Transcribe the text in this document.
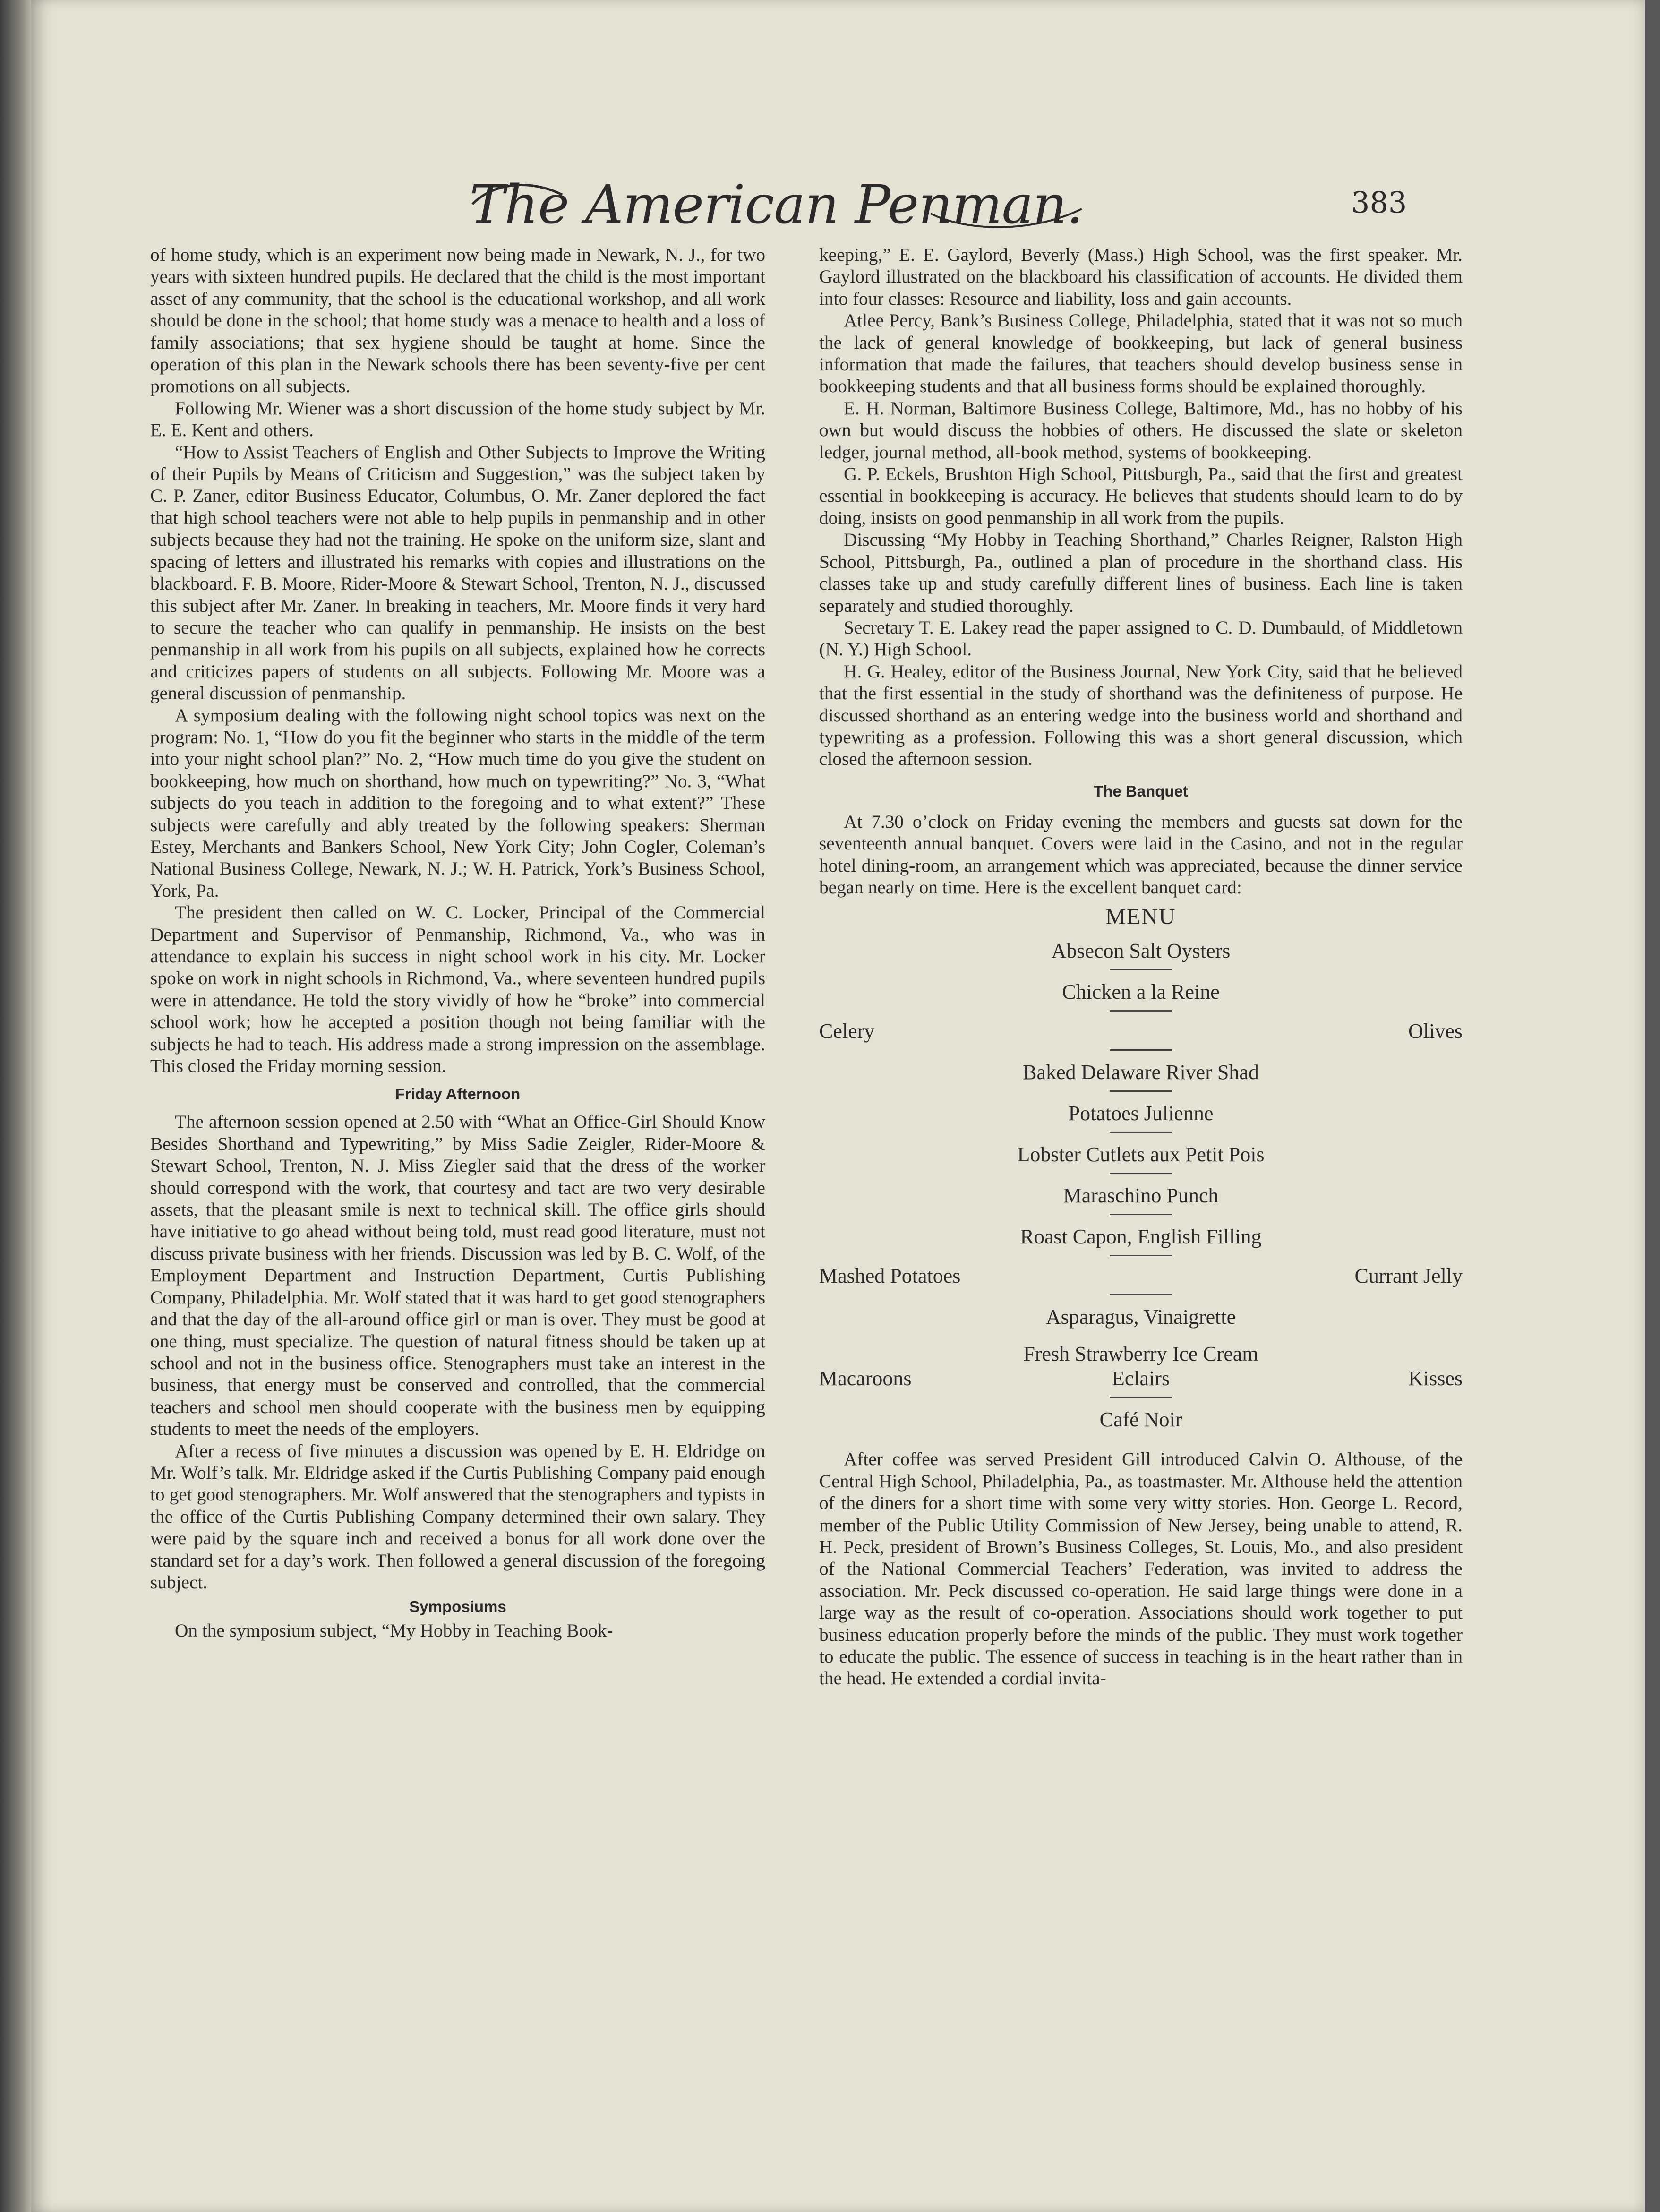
The American Penman.	383

of home study, which is an experiment now being made in Newark, N. J., for two years with sixteen hundred pupils. He declared that the child is the most important asset of any community, that the school is the educational workshop, and all work should be done in the school; that home study was a menace to health and a loss of family associations; that sex hygiene should be taught at home. Since the operation of this plan in the Newark schools there has been seventy-five per cent promotions on all subjects.

Following Mr. Wiener was a short discussion of the home study subject by Mr. E. E. Kent and others.

“How to Assist Teachers of English and Other Subjects to Improve the Writing of their Pupils by Means of Criticism and Suggestion,” was the subject taken by C. P. Zaner, editor Business Educator, Columbus, O. Mr. Zaner deplored the fact that high school teachers were not able to help pupils in penmanship and in other subjects because they had not the training. He spoke on the uniform size, slant and spacing of letters and illustrated his remarks with copies and illustrations on the blackboard. F. B. Moore, Rider-Moore & Stewart School, Trenton, N. J., discussed this subject after Mr. Zaner. In breaking in teachers, Mr. Moore finds it very hard to secure the teacher who can qualify in penmanship. He insists on the best penmanship in all work from his pupils on all subjects, explained how he corrects and criticizes papers of students on all subjects. Following Mr. Moore was a general discussion of penmanship.

A symposium dealing with the following night school topics was next on the program: No. 1, “How do you fit the beginner who starts in the middle of the term into your night school plan?” No. 2, “How much time do you give the student on bookkeeping, how much on shorthand, how much on typewriting?” No. 3, “What subjects do you teach in addition to the foregoing and to what extent?” These subjects were carefully and ably treated by the following speakers: Sherman Estey, Merchants and Bankers School, New York City; John Cogler, Coleman’s National Business College, Newark, N. J.; W. H. Patrick, York’s Business School, York, Pa.

The president then called on W. C. Locker, Principal of the Commercial Department and Supervisor of Penmanship, Richmond, Va., who was in attendance to explain his success in night school work in his city. Mr. Locker spoke on work in night schools in Richmond, Va., where seventeen hundred pupils were in attendance. He told the story vividly of how he “broke” into commercial school work; how he accepted a position though not being familiar with the subjects he had to teach. His address made a strong impression on the assemblage. This closed the Friday morning session.

Friday Afternoon

The afternoon session opened at 2.50 with “What an Office-Girl Should Know Besides Shorthand and Typewriting,” by Miss Sadie Zeigler, Rider-Moore & Stewart School, Trenton, N. J. Miss Ziegler said that the dress of the worker should correspond with the work, that courtesy and tact are two very desirable assets, that the pleasant smile is next to technical skill. The office girls should have initiative to go ahead without being told, must read good literature, must not discuss private business with her friends. Discussion was led by B. C. Wolf, of the Employment Department and Instruction Department, Curtis Publishing Company, Philadelphia. Mr. Wolf stated that it was hard to get good stenographers and that the day of the all-around office girl or man is over. They must be good at one thing, must specialize. The question of natural fitness should be taken up at school and not in the business office. Stenographers must take an interest in the business, that energy must be conserved and controlled, that the commercial teachers and school men should cooperate with the business men by equipping students to meet the needs of the employers.

After a recess of five minutes a discussion was opened by E. H. Eldridge on Mr. Wolf’s talk. Mr. Eldridge asked if the Curtis Publishing Company paid enough to get good stenographers. Mr. Wolf answered that the stenographers and typists in the office of the Curtis Publishing Company determined their own salary. They were paid by the square inch and received a bonus for all work done over the standard set for a day’s work. Then followed a general discussion of the foregoing subject.

Symposiums

On the symposium subject, “My Hobby in Teaching Book-

keeping,” E. E. Gaylord, Beverly (Mass.) High School, was the first speaker. Mr. Gaylord illustrated on the blackboard his classification of accounts. He divided them into four classes: Resource and liability, loss and gain accounts.

Atlee Percy, Bank’s Business College, Philadelphia, stated that it was not so much the lack of general knowledge of bookkeeping, but lack of general business information that made the failures, that teachers should develop business sense in bookkeeping students and that all business forms should be explained thoroughly.

E. H. Norman, Baltimore Business College, Baltimore, Md., has no hobby of his own but would discuss the hobbies of others. He discussed the slate or skeleton ledger, journal method, all-book method, systems of bookkeeping.

G. P. Eckels, Brushton High School, Pittsburgh, Pa., said that the first and greatest essential in bookkeeping is accuracy. He believes that students should learn to do by doing, insists on good penmanship in all work from the pupils.

Discussing “My Hobby in Teaching Shorthand,” Charles Reigner, Ralston High School, Pittsburgh, Pa., outlined a plan of procedure in the shorthand class. His classes take up and study carefully different lines of business. Each line is taken separately and studied thoroughly.

Secretary T. E. Lakey read the paper assigned to C. D. Dumbauld, of Middletown (N. Y.) High School.

H. G. Healey, editor of the Business Journal, New York City, said that he believed that the first essential in the study of shorthand was the definiteness of purpose. He discussed shorthand as an entering wedge into the business world and shorthand and typewriting as a profession. Following this was a short general discussion, which closed the afternoon session.

The Banquet

At 7.30 o’clock on Friday evening the members and guests sat down for the seventeenth annual banquet. Covers were laid in the Casino, and not in the regular hotel dining-room, an arrangement which was appreciated, because the dinner service began nearly on time. Here is the excellent banquet card:

MENU
Absecon Salt Oysters
Chicken a la Reine
Celery	Olives
Baked Delaware River Shad
Potatoes Julienne
Lobster Cutlets aux Petit Pois
Maraschino Punch
Roast Capon, English Filling
Mashed Potatoes	Currant Jelly
Asparagus, Vinaigrette
Macaroons
Fresh Strawberry Ice Cream
Eclairs	Kisses
Café Noir

After coffee was served President Gill introduced Calvin O. Althouse, of the Central High School, Philadelphia, Pa., as toastmaster. Mr. Althouse held the attention of the diners for a short time with some very witty stories. Hon. George L. Record, member of the Public Utility Commission of New Jersey, being unable to attend, R. H. Peck, president of Brown’s Business Colleges, St. Louis, Mo., and also president of the National Commercial Teachers’ Federation, was invited to address the association. Mr. Peck discussed co-operation. He said large things were done in a large way as the result of co-operation. Associations should work together to put business education properly before the minds of the public. They must work together to educate the public. The essence of success in teaching is in the heart rather than in the head. He extended a cordial invita-
